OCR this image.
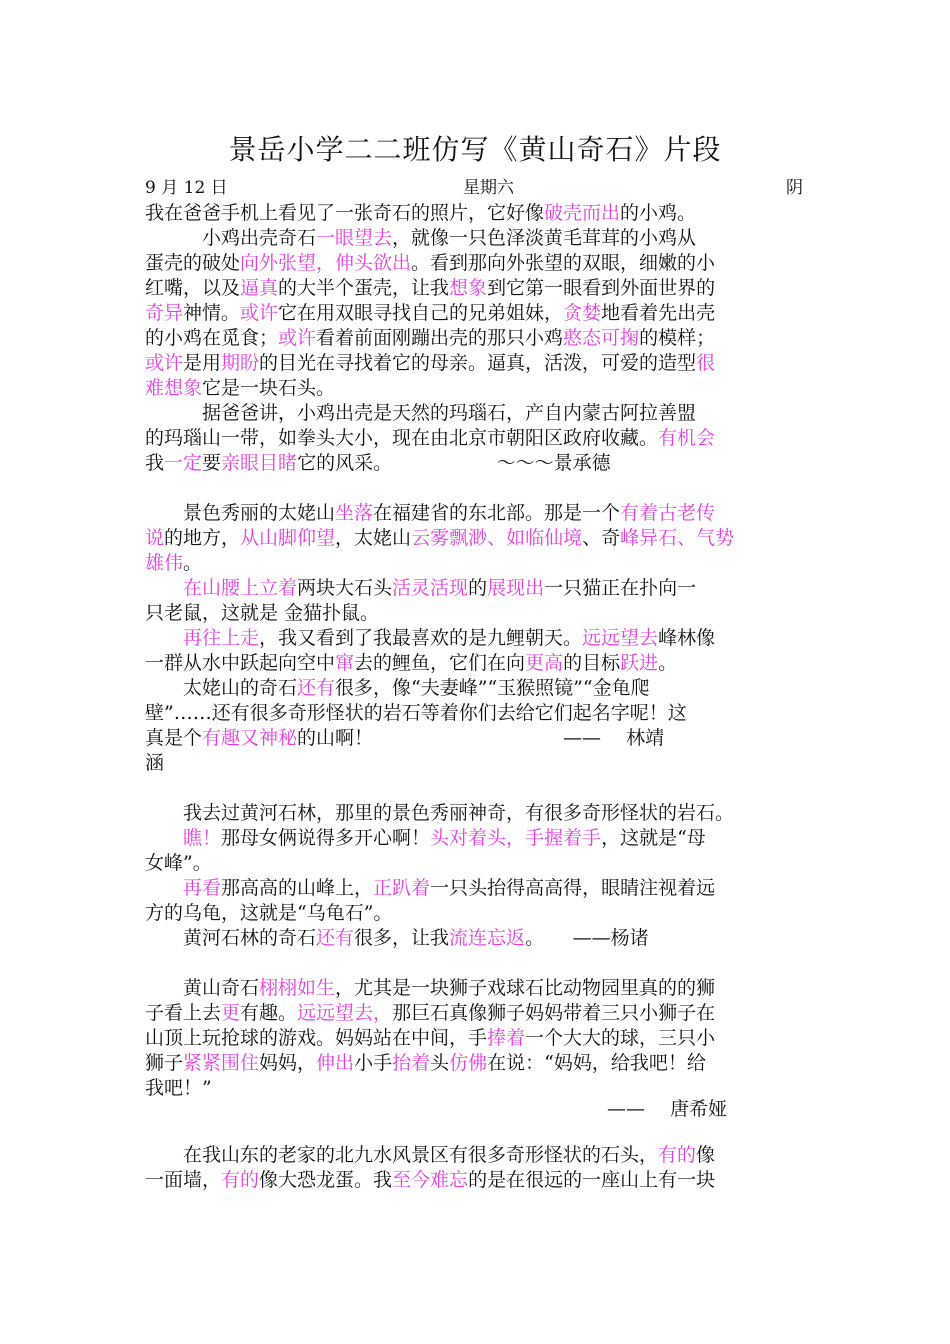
景岳小学二二班仿写《黄山奇石》片段
9 月 12 日	星期六	阴
我在爸爸手机上看见了一张奇石的照片，它好像破壳而出的小鸡。
　　　小鸡出壳奇石一眼望去，就像一只色泽淡黄毛茸茸的小鸡从
蛋壳的破处向外张望，伸头欲出。看到那向外张望的双眼，细嫩的小
红嘴，以及逼真的大半个蛋壳，让我想象到它第一眼看到外面世界的
奇异神情。或许它在用双眼寻找自己的兄弟姐妹，贪婪地看着先出壳
的小鸡在觅食；或许看着前面刚蹦出壳的那只小鸡憨态可掬的模样；
或许是用期盼的目光在寻找着它的母亲。逼真，活泼，可爱的造型很
难想象它是一块石头。
　　　据爸爸讲，小鸡出壳是天然的玛瑙石，产自内蒙古阿拉善盟
的玛瑙山一带，如拳头大小，现在由北京市朝阳区政府收藏。有机会
我一定要亲眼目睹它的风采。　　　　　　～～～景承德
　　景色秀丽的太姥山坐落在福建省的东北部。那是一个有着古老传
说的地方，从山脚仰望，太姥山云雾飘渺、如临仙境、奇峰异石、气势
雄伟。
　　在山腰上立着两块大石头活灵活现的展现出一只猫正在扑向一
只老鼠，这就是 金猫扑鼠。
　　再往上走，我又看到了我最喜欢的是九鲤朝天。远远望去峰林像
一群从水中跃起向空中窜去的鲤鱼，它们在向更高的目标跃进。
　　太姥山的奇石还有很多，像“夫妻峰”“玉猴照镜”“金龟爬
壁”……还有很多奇形怪状的岩石等着你们去给它们起名字呢！这
真是个有趣又神秘的山啊！　　　　　　　　　　——　 林靖
涵
　　我去过黄河石林，那里的景色秀丽神奇，有很多奇形怪状的岩石。
　　瞧！那母女俩说得多开心啊！头对着头，手握着手，这就是“母
女峰”。
　　再看那高高的山峰上，正趴着一只头抬得高高得，眼睛注视着远
方的乌龟，这就是“乌龟石”。
　　黄河石林的奇石还有很多，让我流连忘返。　　——杨诸
　　黄山奇石栩栩如生，尤其是一块狮子戏球石比动物园里真的的狮
子看上去更有趣。远远望去，那巨石真像狮子妈妈带着三只小狮子在
山顶上玩抢球的游戏。妈妈站在中间，手捧着一个大大的球，三只小
狮子紧紧围住妈妈，伸出小手抬着头仿佛在说：“妈妈，给我吧！给
我吧！”
——　 唐希娅
　　在我山东的老家的北九水风景区有很多奇形怪状的石头，有的像
一面墙，有的像大恐龙蛋。我至今难忘的是在很远的一座山上有一块
